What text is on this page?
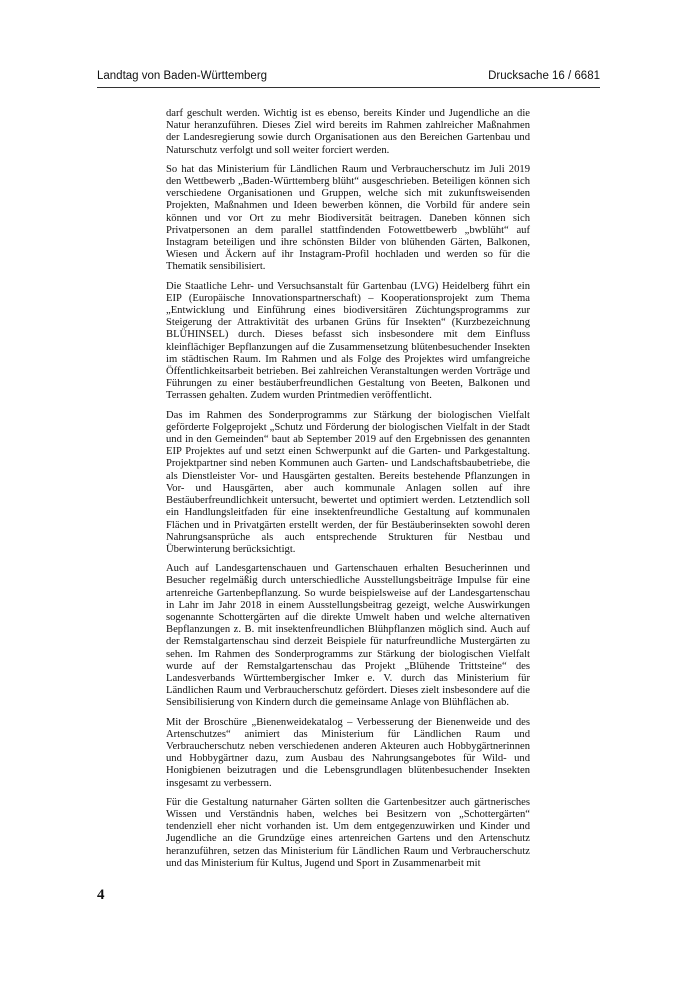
Landtag von Baden-Württemberg	Drucksache 16 / 6681

darf geschult werden. Wichtig ist es ebenso, bereits Kinder und Jugendliche an die Natur heranzuführen. Dieses Ziel wird bereits im Rahmen zahlreicher Maßnahmen der Landesregierung sowie durch Organisationen aus den Bereichen Gartenbau und Naturschutz verfolgt und soll weiter forciert werden.

So hat das Ministerium für Ländlichen Raum und Verbraucherschutz im Juli 2019 den Wettbewerb „Baden-Württemberg blüht“ ausgeschrieben. Beteiligen können sich verschiedene Organisationen und Gruppen, welche sich mit zukunftsweisenden Projekten, Maßnahmen und Ideen bewerben können, die Vorbild für andere sein können und vor Ort zu mehr Biodiversität beitragen. Daneben können sich Privatpersonen an dem parallel stattfindenden Fotowettbewerb „bwblüht“ auf Instagram beteiligen und ihre schönsten Bilder von blühenden Gärten, Balkonen, Wiesen und Äckern auf ihr Instagram-Profil hochladen und werden so für die Thematik sensibilisiert.

Die Staatliche Lehr- und Versuchsanstalt für Gartenbau (LVG) Heidelberg führt ein EIP (Europäische Innovationspartnerschaft) – Kooperationsprojekt zum Thema „Entwicklung und Einführung eines biodiversitären Züchtungsprogramms zur Steigerung der Attraktivität des urbanen Grüns für Insekten“ (Kurzbezeichnung BLÜHINSEL) durch. Dieses befasst sich insbesondere mit dem Einfluss kleinflächiger Bepflanzungen auf die Zusammensetzung blütenbesuchender Insekten im städtischen Raum. Im Rahmen und als Folge des Projektes wird umfangreiche Öffentlichkeitsarbeit betrieben. Bei zahlreichen Veranstaltungen werden Vorträge und Führungen zu einer bestäuberfreundlichen Gestaltung von Beeten, Balkonen und Terrassen gehalten. Zudem wurden Printmedien veröffentlicht.

Das im Rahmen des Sonderprogramms zur Stärkung der biologischen Vielfalt geförderte Folgeprojekt „Schutz und Förderung der biologischen Vielfalt in der Stadt und in den Gemeinden“ baut ab September 2019 auf den Ergebnissen des genannten EIP Projektes auf und setzt einen Schwerpunkt auf die Garten- und Parkgestaltung. Projektpartner sind neben Kommunen auch Garten- und Landschaftsbaubetriebe, die als Dienstleister Vor- und Hausgärten gestalten. Bereits bestehende Pflanzungen in Vor- und Hausgärten, aber auch kommunale Anlagen sollen auf ihre Bestäuberfreundlichkeit untersucht, bewertet und optimiert werden. Letztendlich soll ein Handlungsleitfaden für eine insektenfreundliche Gestaltung auf kommunalen Flächen und in Privatgärten erstellt werden, der für Bestäuberinsekten sowohl deren Nahrungsansprüche als auch entsprechende Strukturen für Nestbau und Überwinterung berücksichtigt.

Auch auf Landesgartenschauen und Gartenschauen erhalten Besucherinnen und Besucher regelmäßig durch unterschiedliche Ausstellungsbeiträge Impulse für eine artenreiche Gartenbepflanzung. So wurde beispielsweise auf der Landesgartenschau in Lahr im Jahr 2018 in einem Ausstellungsbeitrag gezeigt, welche Auswirkungen sogenannte Schottergärten auf die direkte Umwelt haben und welche alternativen Bepflanzungen z. B. mit insektenfreundlichen Blühpflanzen möglich sind. Auch auf der Remstalgartenschau sind derzeit Beispiele für naturfreundliche Mustergärten zu sehen. Im Rahmen des Sonderprogramms zur Stärkung der biologischen Vielfalt wurde auf der Remstalgartenschau das Projekt „Blühende Trittsteine“ des Landesverbands Württembergischer Imker e. V. durch das Ministerium für Ländlichen Raum und Verbraucherschutz gefördert. Dieses zielt insbesondere auf die Sensibilisierung von Kindern durch die gemeinsame Anlage von Blühflächen ab.

Mit der Broschüre „Bienenweidekatalog – Verbesserung der Bienenweide und des Artenschutzes“ animiert das Ministerium für Ländlichen Raum und Verbraucherschutz neben verschiedenen anderen Akteuren auch Hobbygärtnerinnen und Hobbygärtner dazu, zum Ausbau des Nahrungsangebotes für Wild- und Honigbienen beizutragen und die Lebensgrundlagen blütenbesuchender Insekten insgesamt zu verbessern.

Für die Gestaltung naturnaher Gärten sollten die Gartenbesitzer auch gärtnerisches Wissen und Verständnis haben, welches bei Besitzern von „Schottergärten“ tendenziell eher nicht vorhanden ist. Um dem entgegenzuwirken und Kinder und Jugendliche an die Grundzüge eines artenreichen Gartens und den Artenschutz heranzuführen, setzen das Ministerium für Ländlichen Raum und Verbraucherschutz und das Ministerium für Kultus, Jugend und Sport in Zusammenarbeit mit

4
